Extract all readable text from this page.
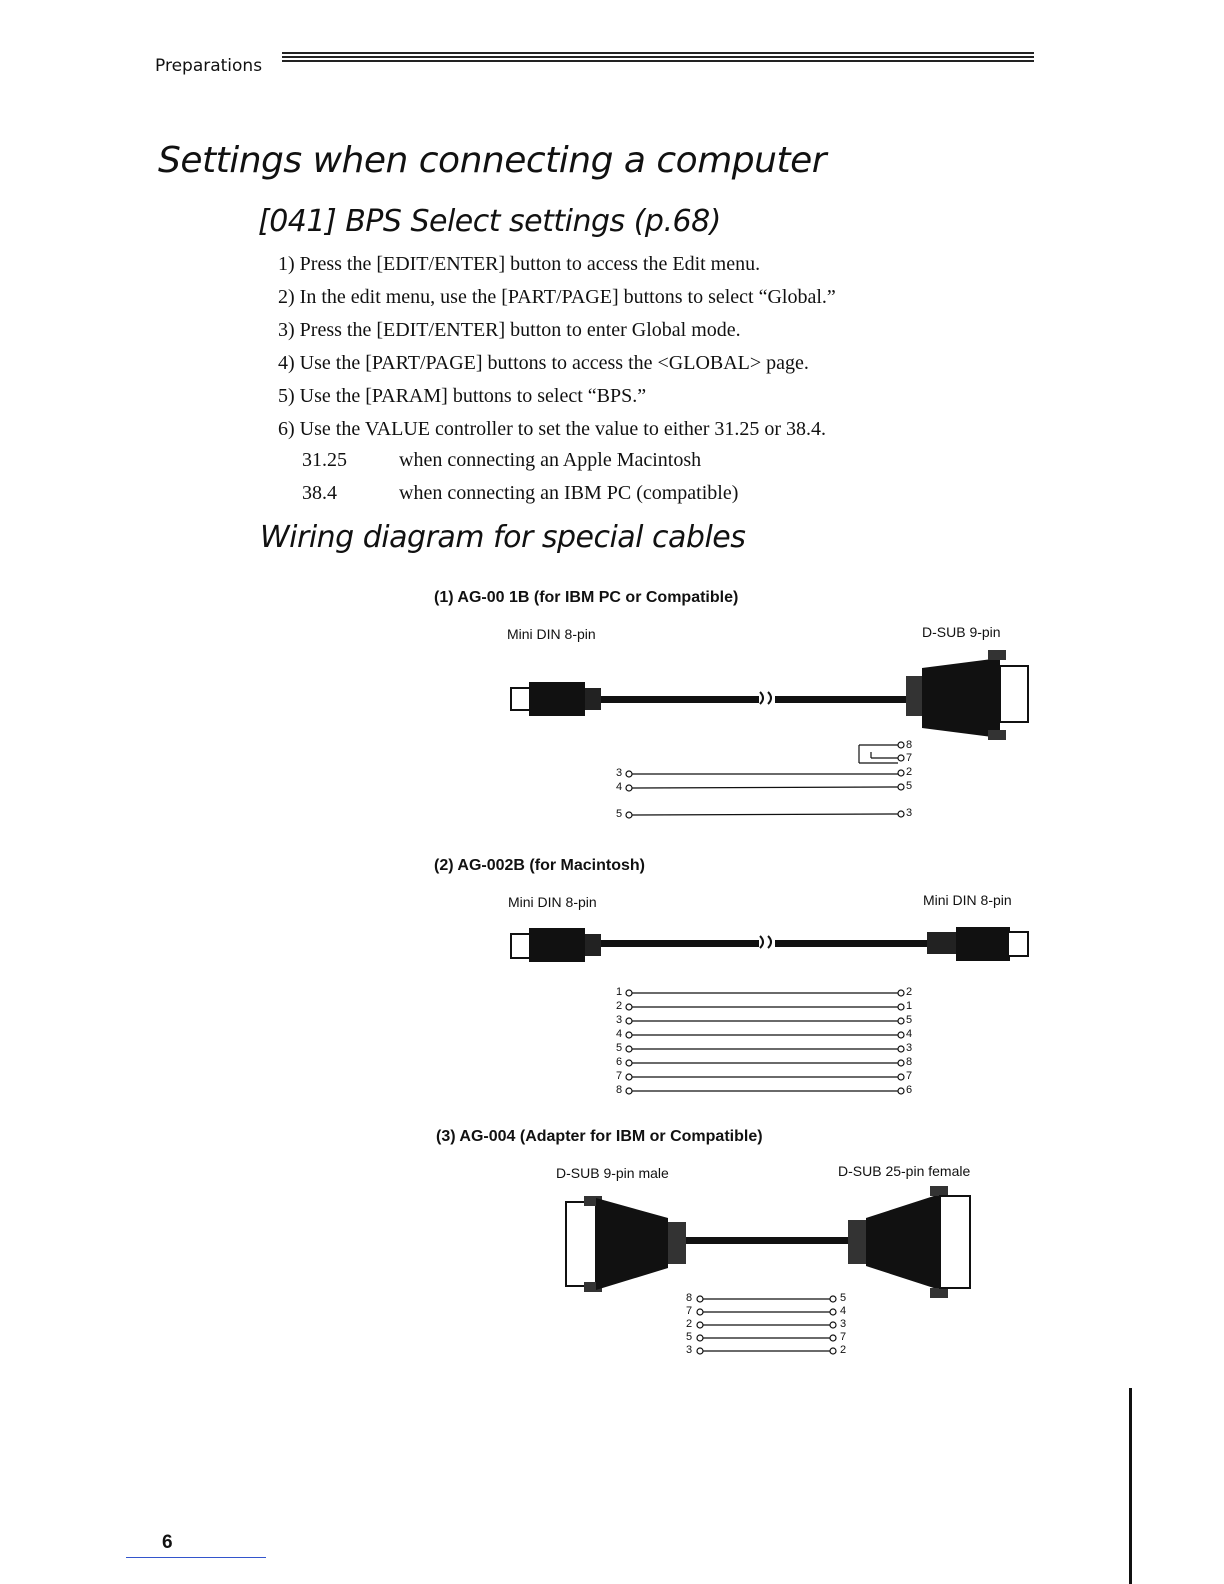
Preparations
Settings when connecting a computer
[041] BPS Select settings (p.68)
1) Press the [EDIT/ENTER] button to access the Edit menu.
2) In the edit menu, use the [PART/PAGE] buttons to select “Global.”
3) Press the [EDIT/ENTER] button to enter Global mode.
4) Use the [PART/PAGE] buttons to access the <GLOBAL> page.
5) Use the [PARAM] buttons to select “BPS.”
6) Use the VALUE controller to set the value to either 31.25 or 38.4.
31.25	when connecting an Apple Macintosh
38.4	when connecting an IBM PC (compatible)
Wiring diagram for special cables
(1) AG-00 1B (for IBM PC or Compatible)
Mini DIN 8-pin	D-SUB 9-pin
(2) AG-002B (for Macintosh)
Mini DIN 8-pin	Mini DIN 8-pin
(3) AG-004 (Adapter for IBM or Compatible)
D-SUB 9-pin male	D-SUB 25-pin female
3
4
5
8
7
2
5
3
1
2
3
4
5
6
7
8
2
1
5
4
3
8
7
6
8
7
2
5
3
5
4
3
7
2
6
